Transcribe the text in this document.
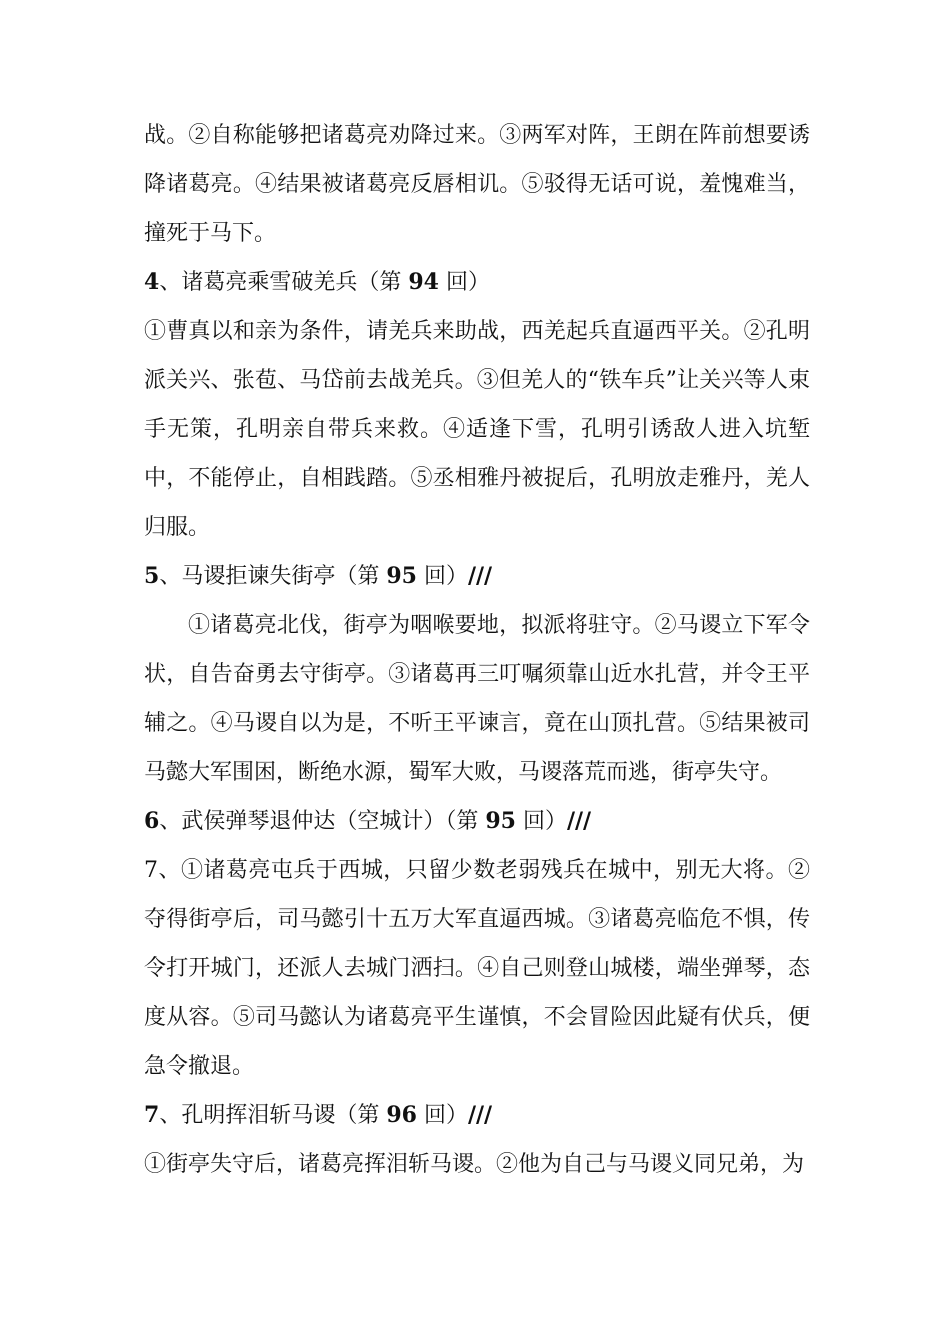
战。②自称能够把诸葛亮劝降过来。③两军对阵，王朗在阵前想要诱降诸葛亮。④结果被诸葛亮反唇相讥。⑤驳得无话可说，羞愧难当，撞死于马下。

4、诸葛亮乘雪破羌兵（第 94 回）

①曹真以和亲为条件，请羌兵来助战，西羌起兵直逼西平关。②孔明派关兴、张苞、马岱前去战羌兵。③但羌人的“铁车兵”让关兴等人束手无策，孔明亲自带兵来救。④适逢下雪，孔明引诱敌人进入坑堑中，不能停止，自相践踏。⑤丞相雅丹被捉后，孔明放走雅丹，羌人归服。

5、马谡拒谏失街亭（第 95 回）///

①诸葛亮北伐，街亭为咽喉要地，拟派将驻守。②马谡立下军令状，自告奋勇去守街亭。③诸葛再三叮嘱须靠山近水扎营，并令王平辅之。④马谡自以为是，不听王平谏言，竟在山顶扎营。⑤结果被司马懿大军围困，断绝水源，蜀军大败，马谡落荒而逃，街亭失守。

6、武侯弹琴退仲达（空城计）（第 95 回）///

7、①诸葛亮屯兵于西城，只留少数老弱残兵在城中，别无大将。②夺得街亭后，司马懿引十五万大军直逼西城。③诸葛亮临危不惧，传令打开城门，还派人去城门洒扫。④自己则登山城楼，端坐弹琴，态度从容。⑤司马懿认为诸葛亮平生谨慎，不会冒险因此疑有伏兵，便急令撤退。

7、孔明挥泪斩马谡（第 96 回）///

①街亭失守后，诸葛亮挥泪斩马谡。②他为自己与马谡义同兄弟，为
